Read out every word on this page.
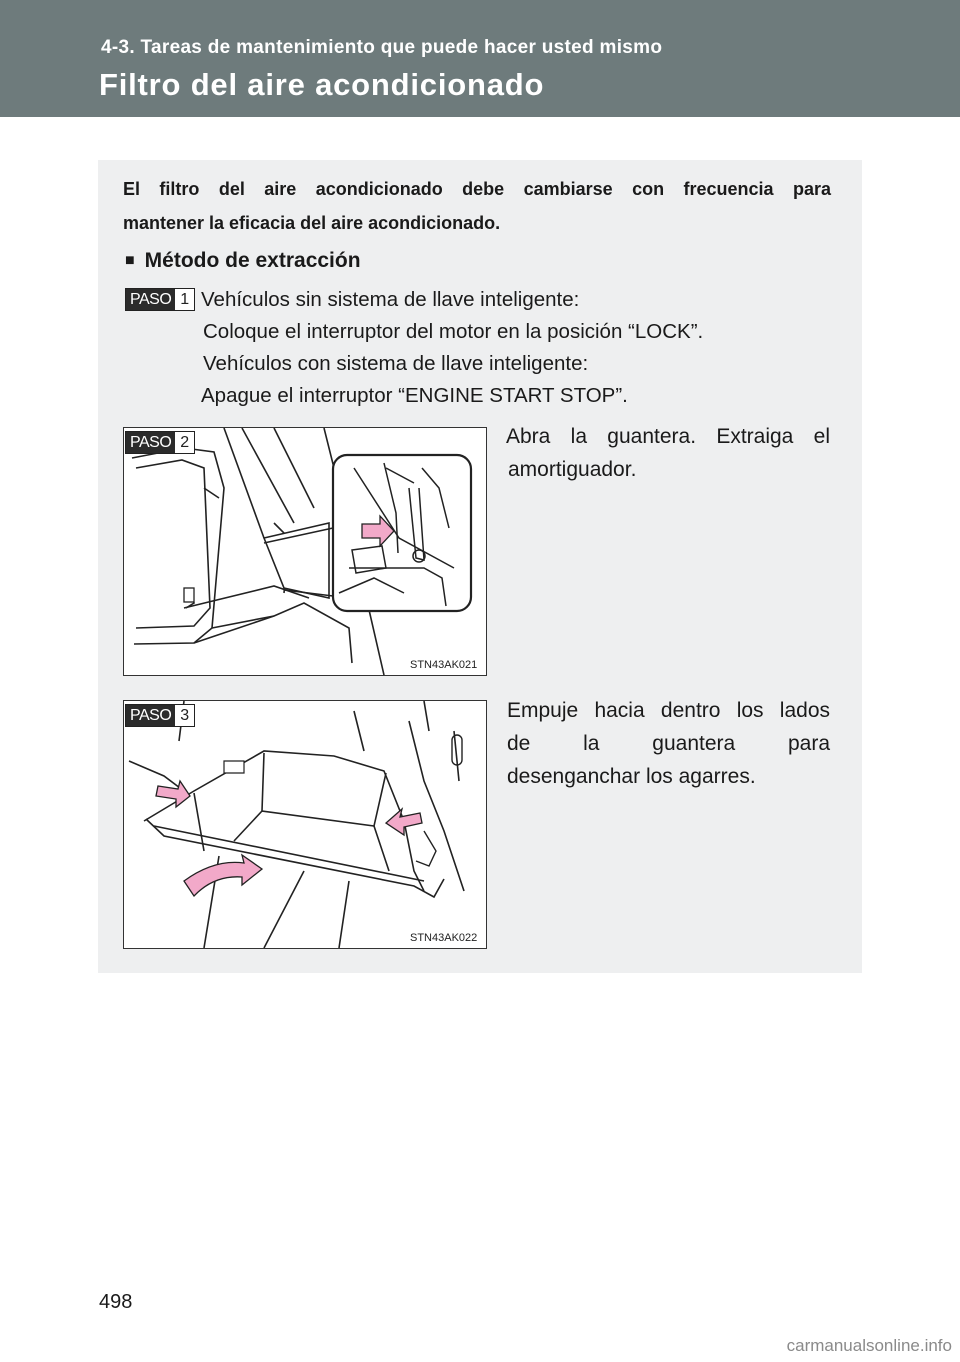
4-3. Tareas de mantenimiento que puede hacer usted mismo
Filtro del aire acondicionado
El filtro del aire acondicionado debe cambiarse con frecuencia para
mantener la eficacia del aire acondicionado.
■ Método de extracción
PASO 1 Vehículos sin sistema de llave inteligente:
Coloque el interruptor del motor en la posición “LOCK”.
Vehículos con sistema de llave inteligente:
Apague el interruptor “ENGINE START STOP”.
PASO 2
STN43AK021
Abra la guantera. Extraiga el
amortiguador.
PASO 3
STN43AK022
Empuje hacia dentro los lados
de la guantera para
desenganchar los agarres.
498
carmanualsonline.info
